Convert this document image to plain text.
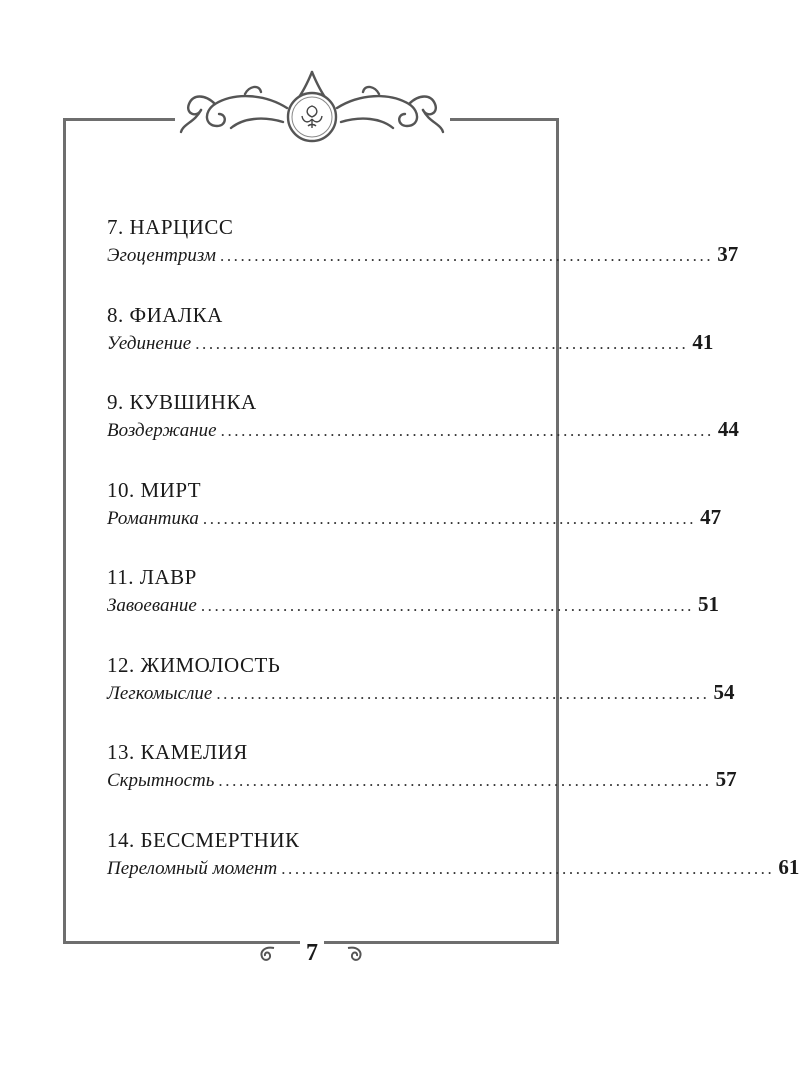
7. НАРЦИСС
Эгоцентризм ........................................................................ 37
8. ФИАЛКА
Уединение ........................................................................ 41
9. КУВШИНКА
Воздержание ........................................................................ 44
10. МИРТ
Романтика ........................................................................ 47
11. ЛАВР
Завоевание ........................................................................ 51
12. ЖИМОЛОСТЬ
Легкомыслие ........................................................................ 54
13. КАМЕЛИЯ
Скрытность ........................................................................ 57
14. БЕССМЕРТНИК
Переломный момент ........................................................................ 61
7
